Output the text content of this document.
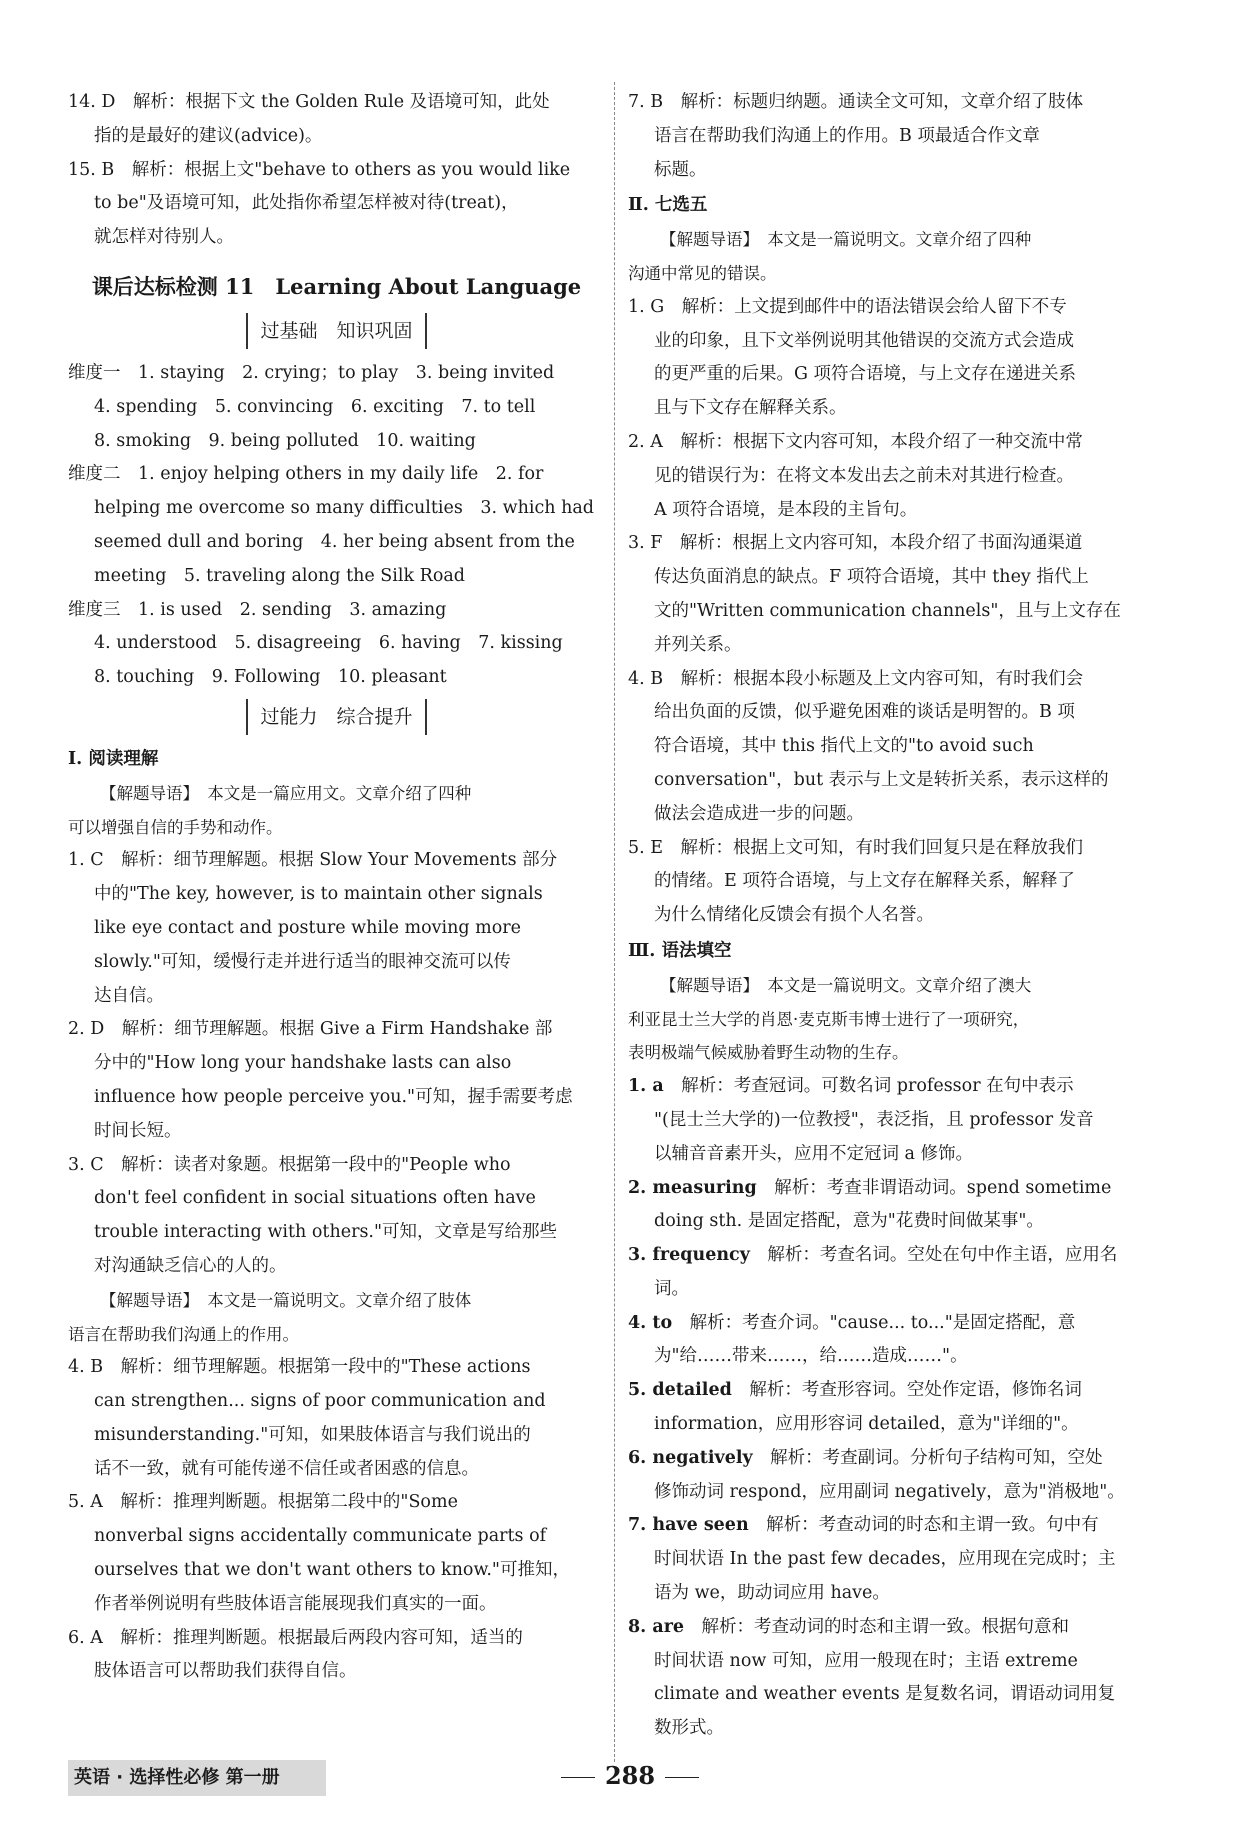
14. D　解析：根据下文 the Golden Rule 及语境可知，此处
指的是最好的建议(advice)。
15. B　解析：根据上文"behave to others as you would like
to be"及语境可知，此处指你希望怎样被对待(treat)，
就怎样对待别人。
课后达标检测 11　Learning About Language
过基础　知识巩固
维度一　1. staying　2. crying；to play　3. being invited
4. spending　5. convincing　6. exciting　7. to tell
8. smoking　9. being polluted　10. waiting
维度二　1. enjoy helping others in my daily life　2. for
helping me overcome so many difficulties　3. which had
seemed dull and boring　4. her being absent from the
meeting　5. traveling along the Silk Road
维度三　1. is used　2. sending　3. amazing
4. understood　5. disagreeing　6. having　7. kissing
8. touching　9. Following　10. pleasant
过能力　综合提升
Ⅰ. 阅读理解
【解题导语】　本文是一篇应用文。文章介绍了四种
可以增强自信的手势和动作。
1. C　解析：细节理解题。根据 Slow Your Movements 部分
中的"The key, however, is to maintain other signals
like eye contact and posture while moving more
slowly."可知，缓慢行走并进行适当的眼神交流可以传
达自信。
2. D　解析：细节理解题。根据 Give a Firm Handshake 部
分中的"How long your handshake lasts can also
influence how people perceive you."可知，握手需要考虑
时间长短。
3. C　解析：读者对象题。根据第一段中的"People who
don't feel confident in social situations often have
trouble interacting with others."可知，文章是写给那些
对沟通缺乏信心的人的。
【解题导语】　本文是一篇说明文。文章介绍了肢体
语言在帮助我们沟通上的作用。
4. B　解析：细节理解题。根据第一段中的"These actions
can strengthen... signs of poor communication and
misunderstanding."可知，如果肢体语言与我们说出的
话不一致，就有可能传递不信任或者困惑的信息。
5. A　解析：推理判断题。根据第二段中的"Some
nonverbal signs accidentally communicate parts of
ourselves that we don't want others to know."可推知，
作者举例说明有些肢体语言能展现我们真实的一面。
6. A　解析：推理判断题。根据最后两段内容可知，适当的
肢体语言可以帮助我们获得自信。
7. B　解析：标题归纳题。通读全文可知，文章介绍了肢体
语言在帮助我们沟通上的作用。B 项最适合作文章
标题。
Ⅱ. 七选五
【解题导语】　本文是一篇说明文。文章介绍了四种
沟通中常见的错误。
1. G　解析：上文提到邮件中的语法错误会给人留下不专
业的印象，且下文举例说明其他错误的交流方式会造成
的更严重的后果。G 项符合语境，与上文存在递进关系
且与下文存在解释关系。
2. A　解析：根据下文内容可知，本段介绍了一种交流中常
见的错误行为：在将文本发出去之前未对其进行检查。
A 项符合语境，是本段的主旨句。
3. F　解析：根据上文内容可知，本段介绍了书面沟通渠道
传达负面消息的缺点。F 项符合语境，其中 they 指代上
文的"Written communication channels"，且与上文存在
并列关系。
4. B　解析：根据本段小标题及上文内容可知，有时我们会
给出负面的反馈，似乎避免困难的谈话是明智的。B 项
符合语境，其中 this 指代上文的"to avoid such
conversation"，but 表示与上文是转折关系，表示这样的
做法会造成进一步的问题。
5. E　解析：根据上文可知，有时我们回复只是在释放我们
的情绪。E 项符合语境，与上文存在解释关系，解释了
为什么情绪化反馈会有损个人名誉。
Ⅲ. 语法填空
【解题导语】　本文是一篇说明文。文章介绍了澳大
利亚昆士兰大学的肖恩·麦克斯韦博士进行了一项研究，
表明极端气候威胁着野生动物的生存。
1. a　解析：考查冠词。可数名词 professor 在句中表示
"(昆士兰大学的)一位教授"，表泛指，且 professor 发音
以辅音音素开头，应用不定冠词 a 修饰。
2. measuring　解析：考查非谓语动词。spend sometime
doing sth. 是固定搭配，意为"花费时间做某事"。
3. frequency　解析：考查名词。空处在句中作主语，应用名
词。
4. to　解析：考查介词。"cause... to..."是固定搭配，意
为"给……带来……，给……造成……"。
5. detailed　解析：考查形容词。空处作定语，修饰名词
information，应用形容词 detailed，意为"详细的"。
6. negatively　解析：考查副词。分析句子结构可知，空处
修饰动词 respond，应用副词 negatively，意为"消极地"。
7. have seen　解析：考查动词的时态和主谓一致。句中有
时间状语 In the past few decades，应用现在完成时；主
语为 we，助动词应用 have。
8. are　解析：考查动词的时态和主谓一致。根据句意和
时间状语 now 可知，应用一般现在时；主语 extreme
climate and weather events 是复数名词，谓语动词用复
数形式。
英语 · 选择性必修 第一册	288
